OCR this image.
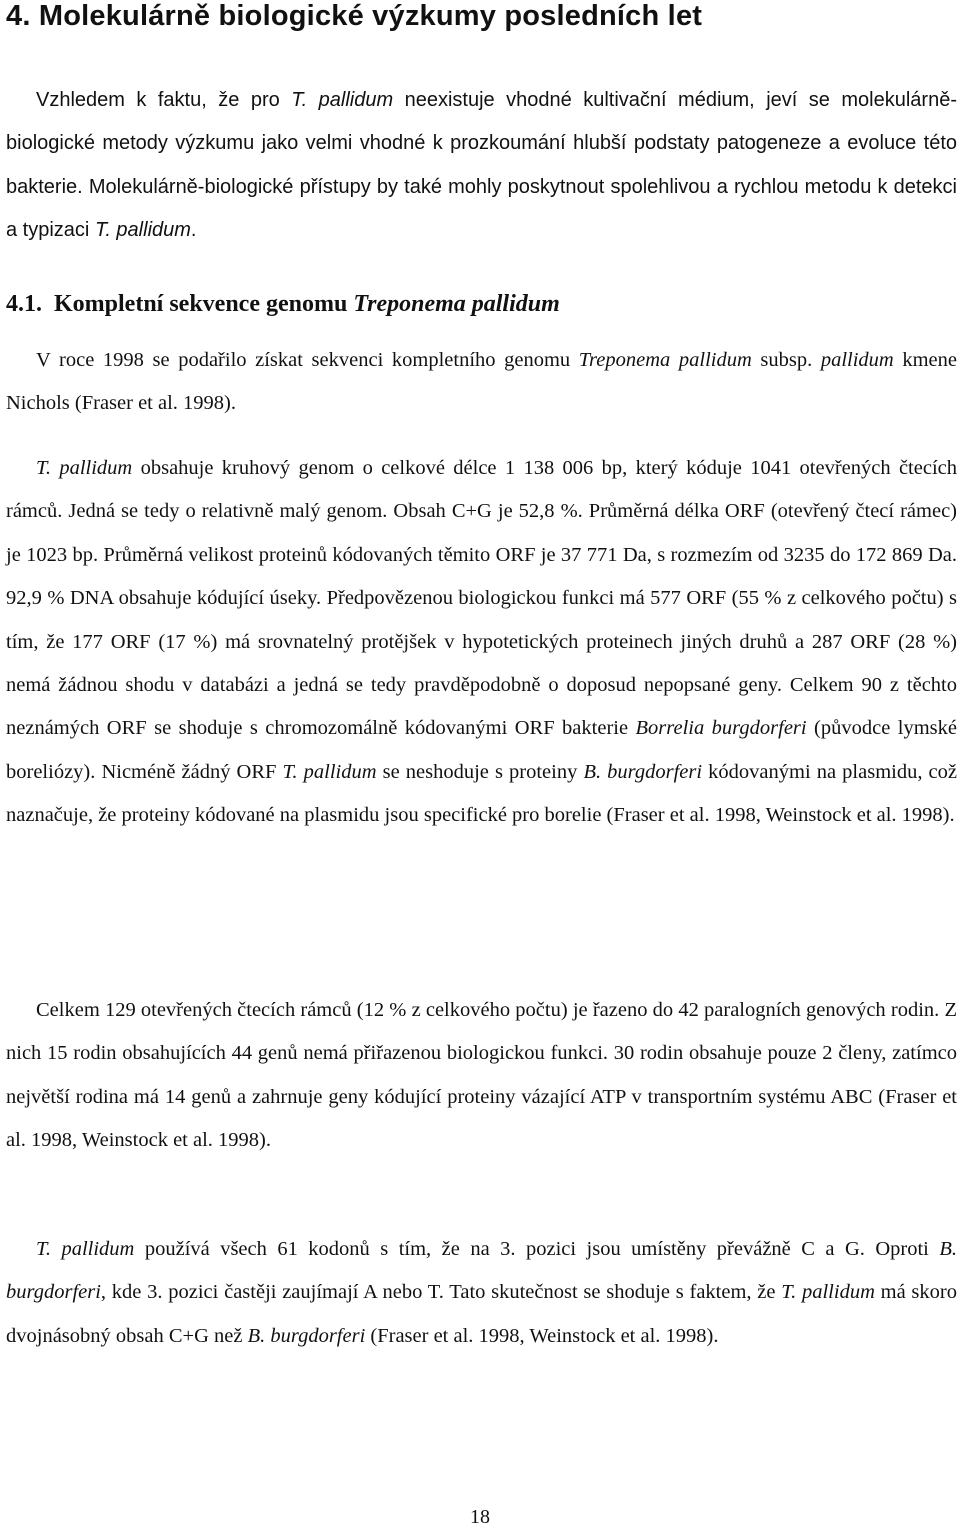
4. Molekulárně biologické výzkumy posledních let

Vzhledem k faktu, že pro T. pallidum neexistuje vhodné kultivační médium, jeví se molekulárně-biologické metody výzkumu jako velmi vhodné k prozkoumání hlubší podstaty patogeneze a evoluce této bakterie. Molekulárně-biologické přístupy by také mohly poskytnout spolehlivou a rychlou metodu k detekci a typizaci T. pallidum.

4.1. Kompletní sekvence genomu Treponema pallidum

V roce 1998 se podařilo získat sekvenci kompletního genomu Treponema pallidum subsp. pallidum kmene Nichols (Fraser et al. 1998).

T. pallidum obsahuje kruhový genom o celkové délce 1 138 006 bp, který kóduje 1041 otevřených čtecích rámců. Jedná se tedy o relativně malý genom. Obsah C+G je 52,8 %. Průměrná délka ORF (otevřený čtecí rámec) je 1023 bp. Průměrná velikost proteinů kódovaných těmito ORF je 37 771 Da, s rozmezím od 3235 do 172 869 Da. 92,9 % DNA obsahuje kódující úseky. Předpovězenou biologickou funkci má 577 ORF (55 % z celkového počtu) s tím, že 177 ORF (17 %) má srovnatelný protějšek v hypotetických proteinech jiných druhů a 287 ORF (28 %) nemá žádnou shodu v databázi a jedná se tedy pravděpodobně o doposud nepopsané geny. Celkem 90 z těchto neznámých ORF se shoduje s chromozomálně kódovanými ORF bakterie Borrelia burgdorferi (původce lymské boreliózy). Nicméně žádný ORF T. pallidum se neshoduje s proteiny B. burgdorferi kódovanými na plasmidu, což naznačuje, že proteiny kódované na plasmidu jsou specifické pro borelie (Fraser et al. 1998, Weinstock et al. 1998).

Celkem 129 otevřených čtecích rámců (12 % z celkového počtu) je řazeno do 42 paralogních genových rodin. Z nich 15 rodin obsahujících 44 genů nemá přiřazenou biologickou funkci. 30 rodin obsahuje pouze 2 členy, zatímco největší rodina má 14 genů a zahrnuje geny kódující proteiny vázající ATP v transportním systému ABC (Fraser et al. 1998, Weinstock et al. 1998).

T. pallidum používá všech 61 kodonů s tím, že na 3. pozici jsou umístěny převážně C a G. Oproti B. burgdorferi, kde 3. pozici častěji zaujímají A nebo T. Tato skutečnost se shoduje s faktem, že T. pallidum má skoro dvojnásobný obsah C+G než B. burgdorferi (Fraser et al. 1998, Weinstock et al. 1998).

18
